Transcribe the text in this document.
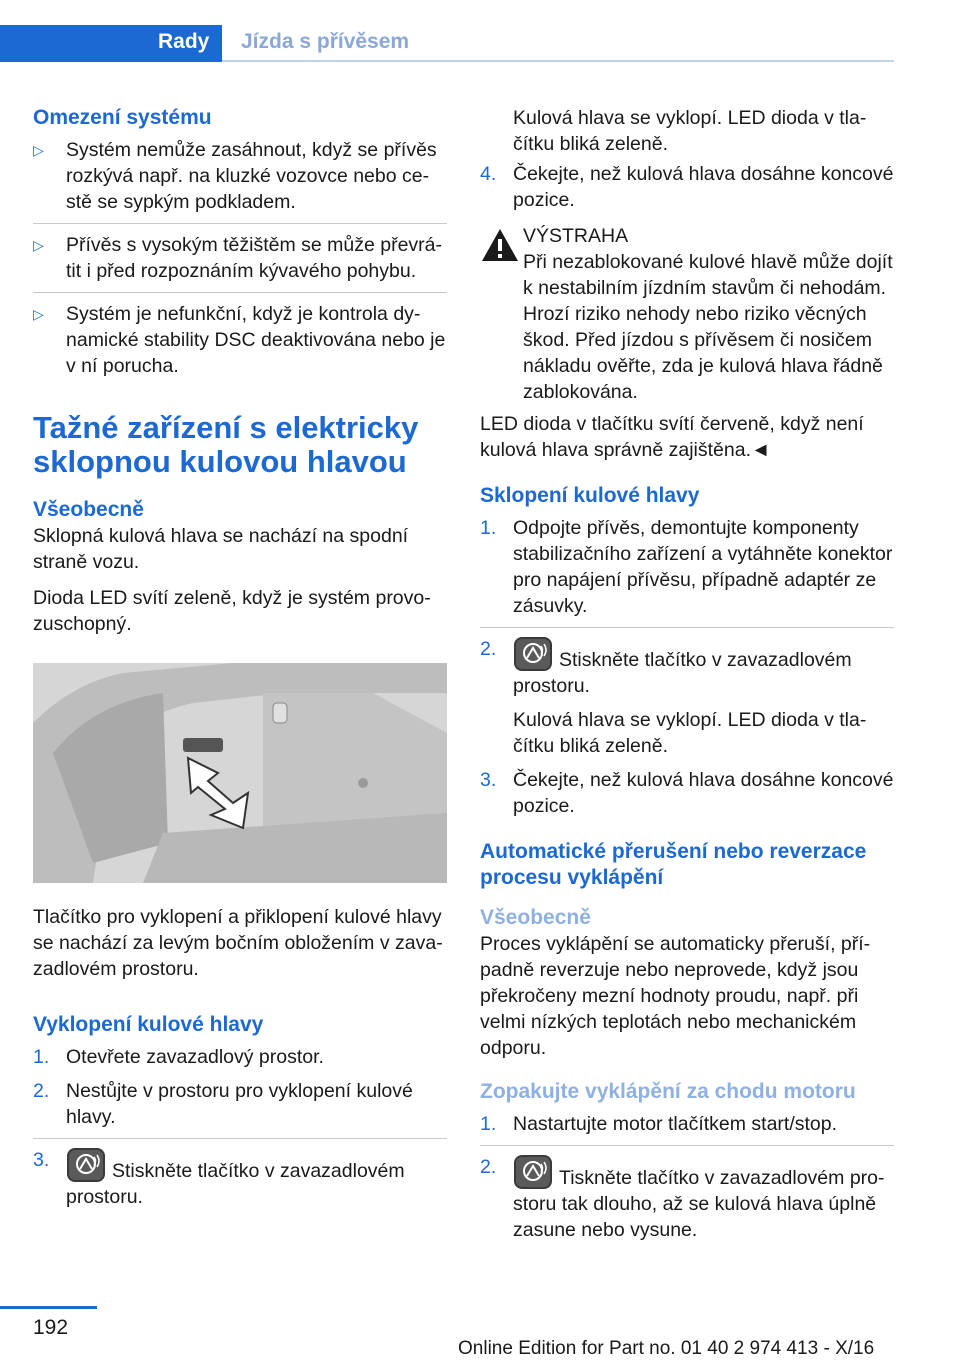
Rady Jízda s přívěsem
Omezení systému
▷ Systém nemůže zasáhnout, když se přívěs rozkývá např. na kluzké vozovce nebo cestě se sypkým podkladem.
▷ Přívěs s vysokým těžištěm se může převrátit i před rozpoznáním kývavého pohybu.
▷ Systém je nefunkční, když je kontrola dynamické stability DSC deaktivována nebo je v ní porucha.
Tažné zařízení s elektricky sklopnou kulovou hlavou
Všeobecně

Sklopná kulová hlava se nachází na spodní straně vozu.

Dioda LED svítí zeleně, když je systém provozuschopný.

Tlačítko pro vyklopení a přiklopení kulové hlavy se nachází za levým bočním obložením v zavazadlovém prostoru.

Vyklopení kulové hlavy
1. Otevřete zavazadlový prostor.
2. Nestůjte v prostoru pro vyklopení kulové hlavy.
3.	Stiskněte tlačítko v zavazadlovém prostoru.

Kulová hlava se vyklopí. LED dioda v tlačítku bliká zeleně.

4. Čekejte, než kulová hlava dosáhne koncové pozice.
VÝSTRAHA
Při nezablokované kulové hlavě může dojít k nestabilním jízdním stavům či nehodám. Hrozí riziko nehody nebo riziko věcných škod. Před jízdou s přívěsem či nosičem nákladu ověřte, zda je kulová hlava řádně zablokována.

LED dioda v tlačítku svítí červeně, když není kulová hlava správně zajištěna.◄

Sklopení kulové hlavy
1. Odpojte přívěs, demontujte komponenty stabilizačního zařízení a vytáhněte konektor pro napájení přívěsu, případně adaptér ze zásuvky.
2.	Stiskněte tlačítko v zavazadlovém prostoru.
Kulová hlava se vyklopí. LED dioda v tlačítku bliká zeleně.
3. Čekejte, než kulová hlava dosáhne koncové pozice.
Automatické přerušení nebo reverzace procesu vyklápění
Všeobecně

Proces vyklápění se automaticky přeruší, případně reverzuje nebo neprovede, když jsou překročeny mezní hodnoty proudu, např. při velmi nízkých teplotách nebo mechanickém odporu.

Zopakujte vyklápění za chodu motoru
1. Nastartujte motor tlačítkem start/stop.
2.	Tiskněte tlačítko v zavazadlovém prostoru tak dlouho, až se kulová hlava úplně zasune nebo vysune.
192
Online Edition for Part no. 01 40 2 974 413 - X/16
